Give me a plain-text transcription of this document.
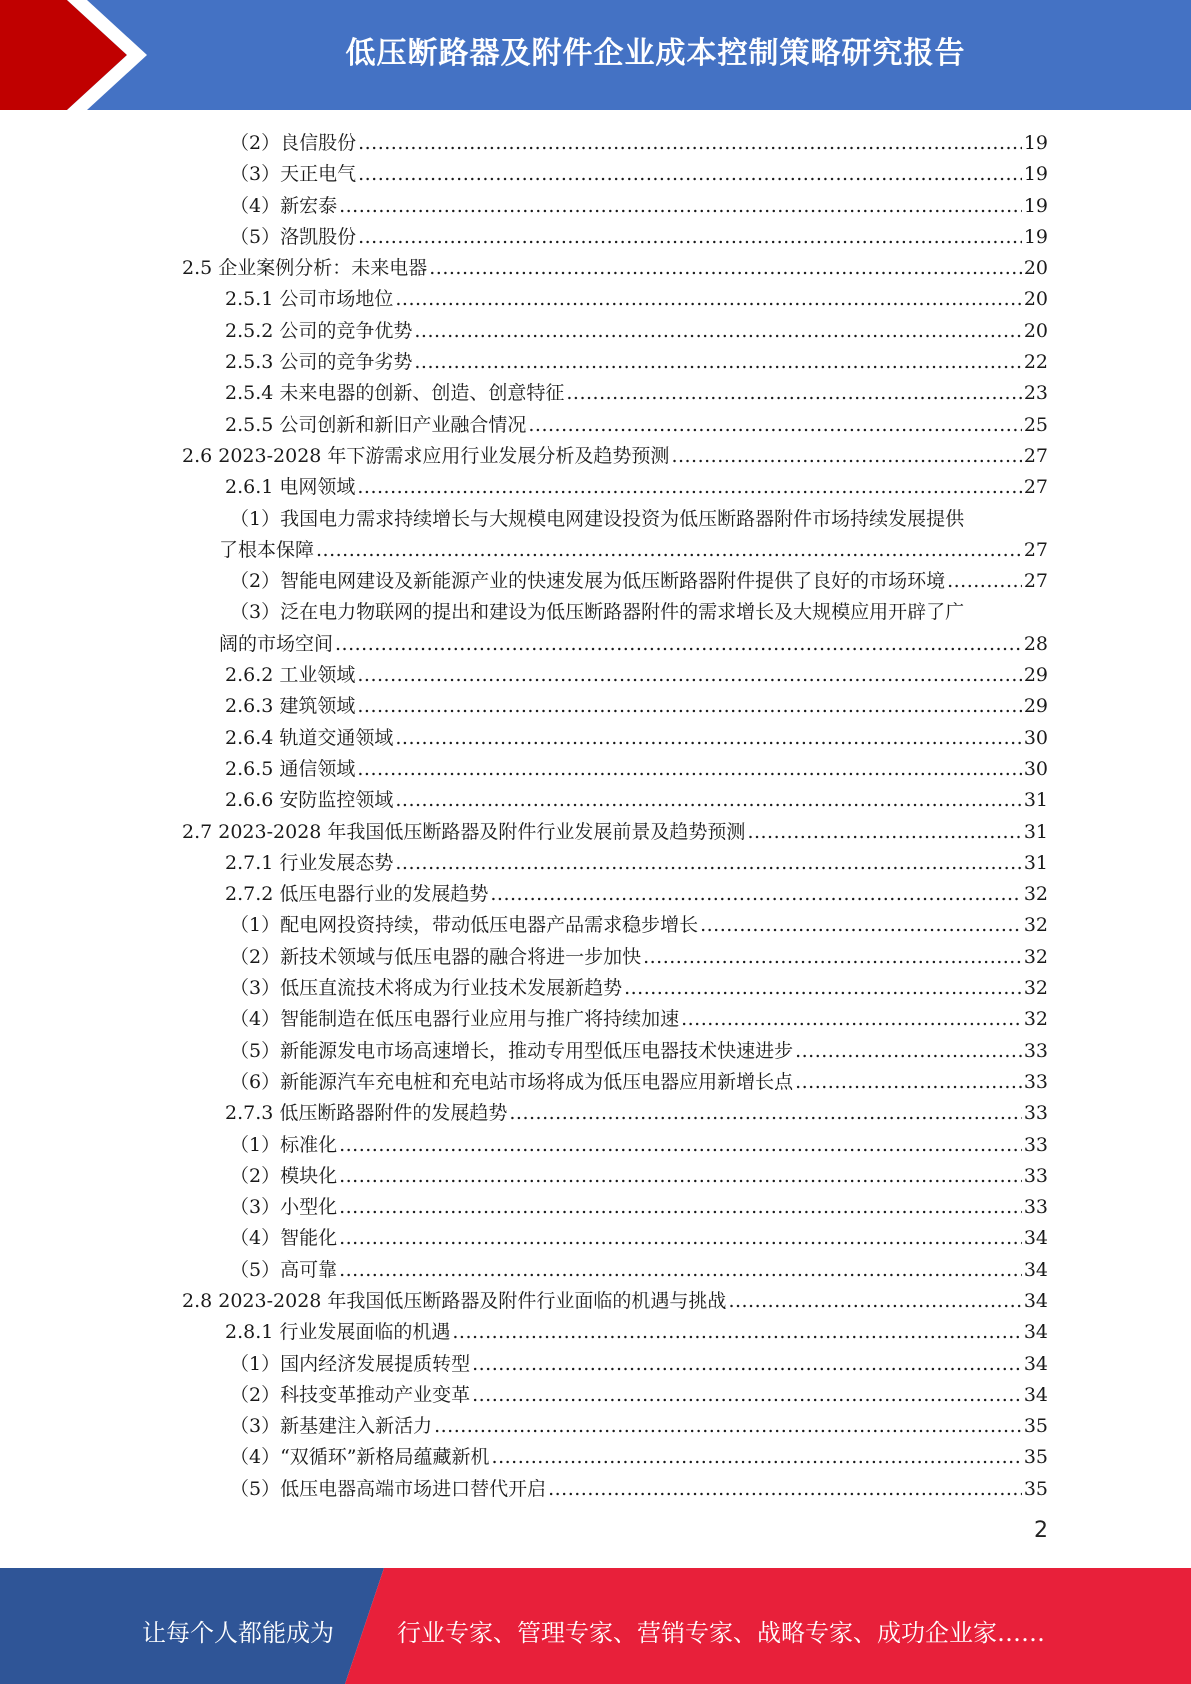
低压断路器及附件企业成本控制策略研究报告
（2）良信股份 .....	19
（3）天正电气 .....	19
（4）新宏泰 .....	19
（5）洛凯股份 .....	19
2.5 企业案例分析：未来电器 .....	20
2.5.1 公司市场地位 .....	20
2.5.2 公司的竞争优势 .....	20
2.5.3 公司的竞争劣势 .....	22
2.5.4 未来电器的创新、创造、创意特征 .....	23
2.5.5 公司创新和新旧产业融合情况 .....	25
2.6 2023-2028 年下游需求应用行业发展分析及趋势预测 .....	27
2.6.1 电网领域 .....	27
（1）我国电力需求持续增长与大规模电网建设投资为低压断路器附件市场持续发展提供
了根本保障 .....	27
（2）智能电网建设及新能源产业的快速发展为低压断路器附件提供了良好的市场环境 .....	27
（3）泛在电力物联网的提出和建设为低压断路器附件的需求增长及大规模应用开辟了广
阔的市场空间 .....	28
2.6.2 工业领域 .....	29
2.6.3 建筑领域 .....	29
2.6.4 轨道交通领域 .....	30
2.6.5 通信领域 .....	30
2.6.6 安防监控领域 .....	31
2.7 2023-2028 年我国低压断路器及附件行业发展前景及趋势预测 .....	31
2.7.1 行业发展态势 .....	31
2.7.2 低压电器行业的发展趋势 .....	32
（1）配电网投资持续，带动低压电器产品需求稳步增长 .....	32
（2）新技术领域与低压电器的融合将进一步加快 .....	32
（3）低压直流技术将成为行业技术发展新趋势 .....	32
（4）智能制造在低压电器行业应用与推广将持续加速 .....	32
（5）新能源发电市场高速增长，推动专用型低压电器技术快速进步 .....	33
（6）新能源汽车充电桩和充电站市场将成为低压电器应用新增长点 .....	33
2.7.3 低压断路器附件的发展趋势 .....	33
（1）标准化 .....	33
（2）模块化 .....	33
（3）小型化 .....	33
（4）智能化 .....	34
（5）高可靠 .....	34
2.8 2023-2028 年我国低压断路器及附件行业面临的机遇与挑战 .....	34
2.8.1 行业发展面临的机遇 .....	34
（1）国内经济发展提质转型 .....	34
（2）科技变革推动产业变革 .....	34
（3）新基建注入新活力 .....	35
（4）“双循环”新格局蕴藏新机 .....	35
（5）低压电器高端市场进口替代开启 .....	35
2
让每个人都能成为	行业专家、管理专家、营销专家、战略专家、成功企业家……
